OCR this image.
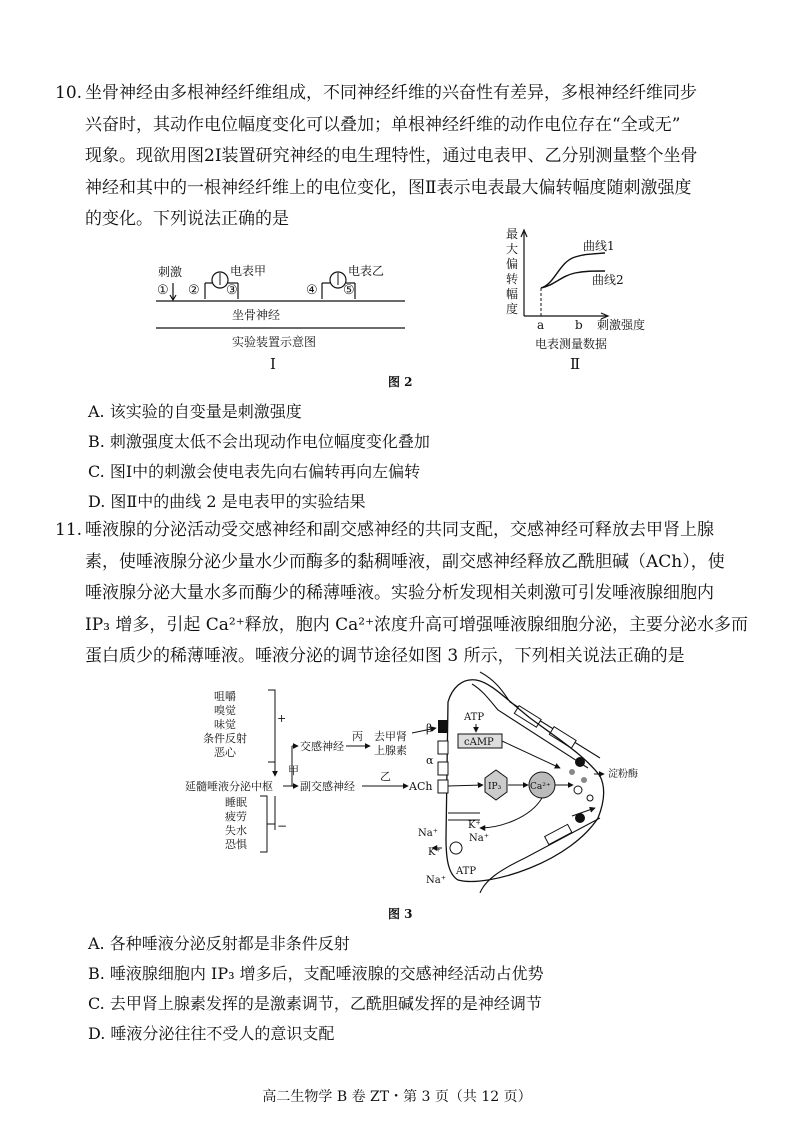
10. 坐骨神经由多根神经纤维组成，不同神经纤维的兴奋性有差异，多根神经纤维同步
兴奋时，其动作电位幅度变化可以叠加；单根神经纤维的动作电位存在“全或无”
现象。现欲用图2Ⅰ装置研究神经的电生理特性，通过电表甲、乙分别测量整个坐骨
神经和其中的一根神经纤维上的电位变化，图Ⅱ表示电表最大偏转幅度随刺激强度
的变化。下列说法正确的是
刺激
① ②
电表甲
③	④
电表乙
⑤
坐骨神经
实验装置示意图
Ⅰ
最
大
偏
转
幅
度
曲线1
曲线2
a	b 刺激强度
电表测量数据
Ⅱ
图 2
A. 该实验的自变量是刺激强度
B. 刺激强度太低不会出现动作电位幅度变化叠加
C. 图Ⅰ中的刺激会使电表先向右偏转再向左偏转
D. 图Ⅱ中的曲线 2 是电表甲的实验结果
11. 唾液腺的分泌活动受交感神经和副交感神经的共同支配，交感神经可释放去甲肾上腺
素，使唾液腺分泌少量水少而酶多的黏稠唾液，副交感神经释放乙酰胆碱（ACh），使
唾液腺分泌大量水多而酶少的稀薄唾液。实验分析发现相关刺激可引发唾液腺细胞内
IP₃ 增多，引起 Ca²⁺释放，胞内 Ca²⁺浓度升高可增强唾液腺细胞分泌，主要分泌水多而
蛋白质少的稀薄唾液。唾液分泌的调节途径如图 3 所示，下列相关说法正确的是
咀嚼
嗅觉
味觉
条件反射
恶心
+
延髓唾液分泌中枢
交感神经
丙 去甲肾
上腺素
甲
副交感神经
乙
ACh
睡眠
疲劳
失水
恐惧
−
β
α
ATP
cAMP
IP₃	Ca²⁺
淀粉酶
K⁺
Na⁺	Na⁺
K⁺
Na⁺
ATP
图 3
A. 各种唾液分泌反射都是非条件反射
B. 唾液腺细胞内 IP₃ 增多后，支配唾液腺的交感神经活动占优势
C. 去甲肾上腺素发挥的是激素调节，乙酰胆碱发挥的是神经调节
D. 唾液分泌往往不受人的意识支配
高二生物学 B 卷 ZT・第 3 页（共 12 页）
